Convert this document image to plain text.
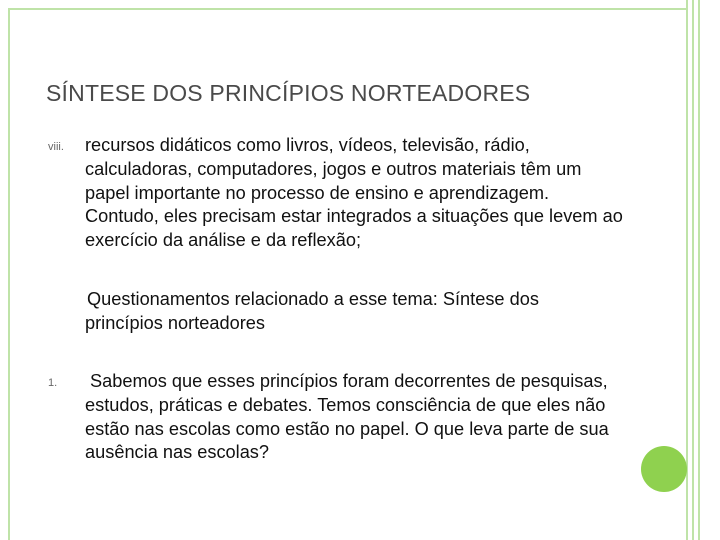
SÍNTESE DOS PRINCÍPIOS NORTEADORES
viii. recursos didáticos como livros, vídeos, televisão, rádio, calculadoras, computadores, jogos e outros materiais têm um papel importante no processo de ensino e aprendizagem. Contudo, eles precisam estar integrados a situações que levem ao exercício da análise e da reflexão;
Questionamentos relacionado a esse tema: Síntese dos princípios norteadores
1. Sabemos que esses princípios foram decorrentes de pesquisas, estudos, práticas e debates. Temos consciência de que eles não estão nas escolas como estão no papel. O que leva parte de sua ausência nas escolas?
